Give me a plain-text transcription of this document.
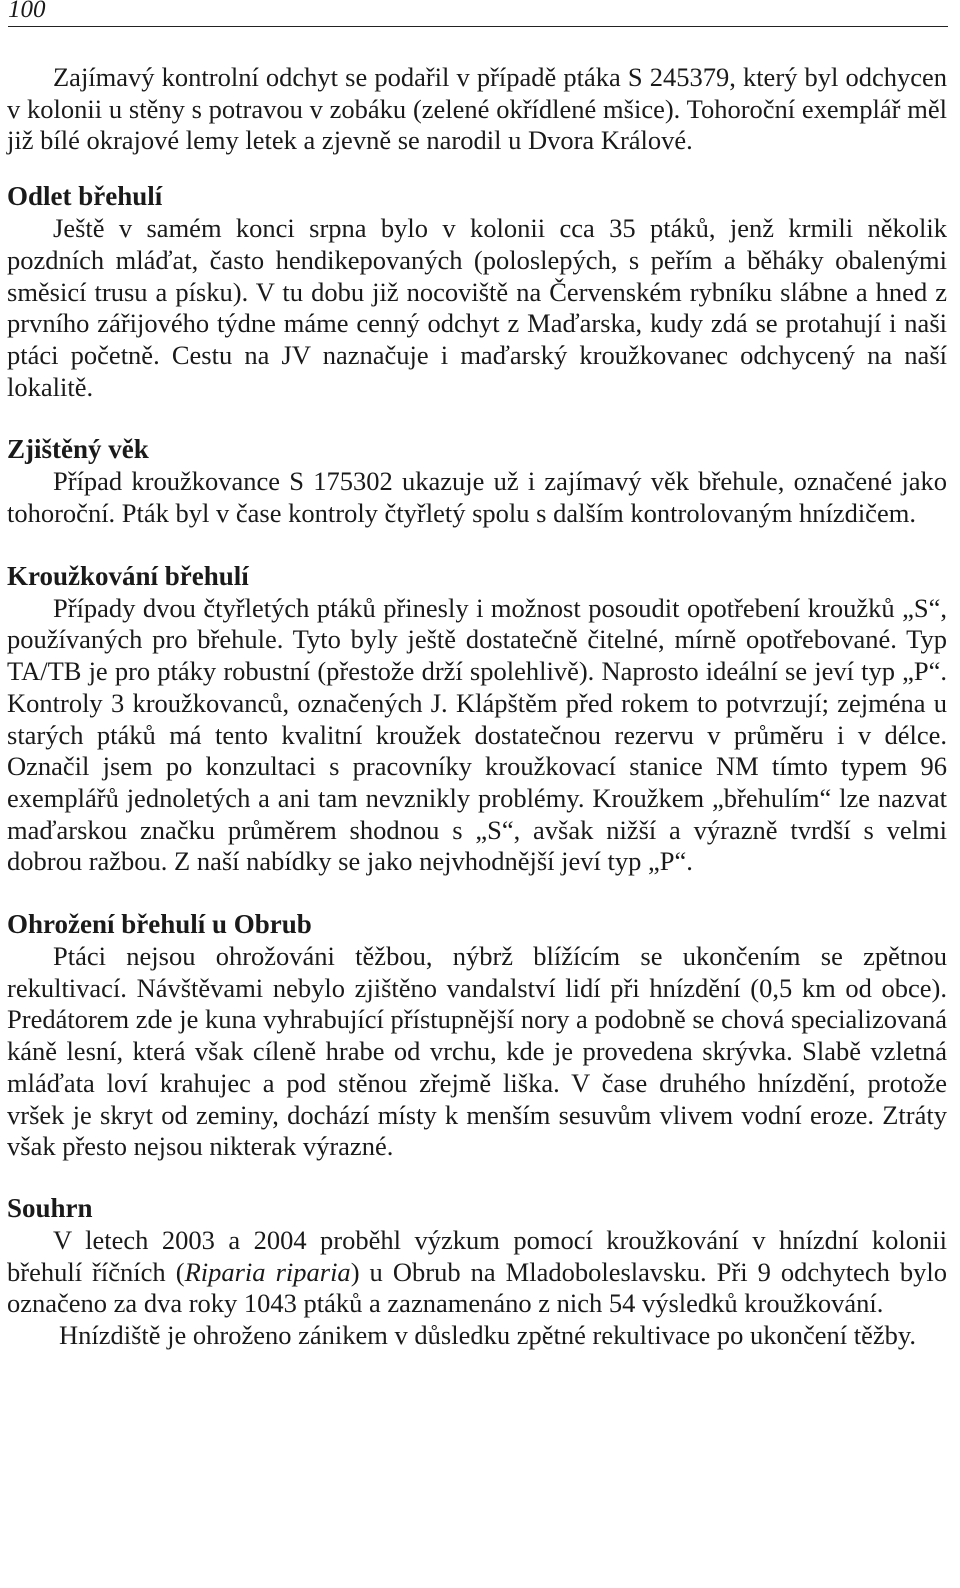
100

Zajímavý kontrolní odchyt se podařil v případě ptáka S 245379, který byl odchycen v kolonii u stěny s potravou v zobáku (zelené okřídlené mšice). Tohoroční exemplář měl již bílé okrajové lemy letek a zjevně se narodil u Dvora Králové.

Odlet břehulí

Ještě v samém konci srpna bylo v kolonii cca 35 ptáků, jenž krmili několik pozdních mláďat, často hendikepovaných (poloslepých, s peřím a běháky obalenými směsicí trusu a písku). V tu dobu již nocoviště na Červenském rybníku slábne a hned z prvního zářijového týdne máme cenný odchyt z Maďarska, kudy zdá se protahují i naši ptáci početně. Cestu na JV naznačuje i maďarský kroužkovanec odchycený na naší lokalitě.

Zjištěný věk

Případ kroužkovance S 175302 ukazuje už i zajímavý věk břehule, označené jako tohoroční. Pták byl v čase kontroly čtyřletý spolu s dalším kontrolovaným hnízdičem.

Kroužkování břehulí

Případy dvou čtyřletých ptáků přinesly i možnost posoudit opotřebení kroužků „S“, používaných pro břehule. Tyto byly ještě dostatečně čitelné, mírně opotřebované. Typ TA/TB je pro ptáky robustní (přestože drží spolehlivě). Naprosto ideální se jeví typ „P“. Kontroly 3 kroužkovanců, označených J. Klápštěm před rokem to potvrzují; zejména u starých ptáků má tento kvalitní kroužek dostatečnou rezervu v průměru i v délce. Označil jsem po konzultaci s pracovníky kroužkovací stanice NM tímto typem 96 exemplářů jednoletých a ani tam nevznikly problémy. Kroužkem „břehulím“ lze nazvat maďarskou značku průměrem shodnou s „S“, avšak nižší a výrazně tvrdší s velmi dobrou ražbou. Z naší nabídky se jako nejvhodnější jeví typ „P“.

Ohrožení břehulí u Obrub

Ptáci nejsou ohrožováni těžbou, nýbrž blížícím se ukončením se zpětnou rekultivací. Návštěvami nebylo zjištěno vandalství lidí při hnízdění (0,5 km od obce). Predátorem zde je kuna vyhrabující přístupnější nory a podobně se chová specializovaná káně lesní, která však cíleně hrabe od vrchu, kde je provedena skrývka. Slabě vzletná mláďata loví krahujec a pod stěnou zřejmě liška. V čase druhého hnízdění, protože vršek je skryt od zeminy, dochází místy k menším sesuvům vlivem vodní eroze. Ztráty však přesto nejsou nikterak výrazné.

Souhrn

V letech 2003 a 2004 proběhl výzkum pomocí kroužkování v hnízdní kolonii břehulí říčních (Riparia riparia) u Obrub na Mladoboleslavsku. Při 9 odchytech bylo označeno za dva roky 1043 ptáků a zaznamenáno z nich 54 výsledků kroužkování.

Hnízdiště je ohroženo zánikem v důsledku zpětné rekultivace po ukončení těžby.
